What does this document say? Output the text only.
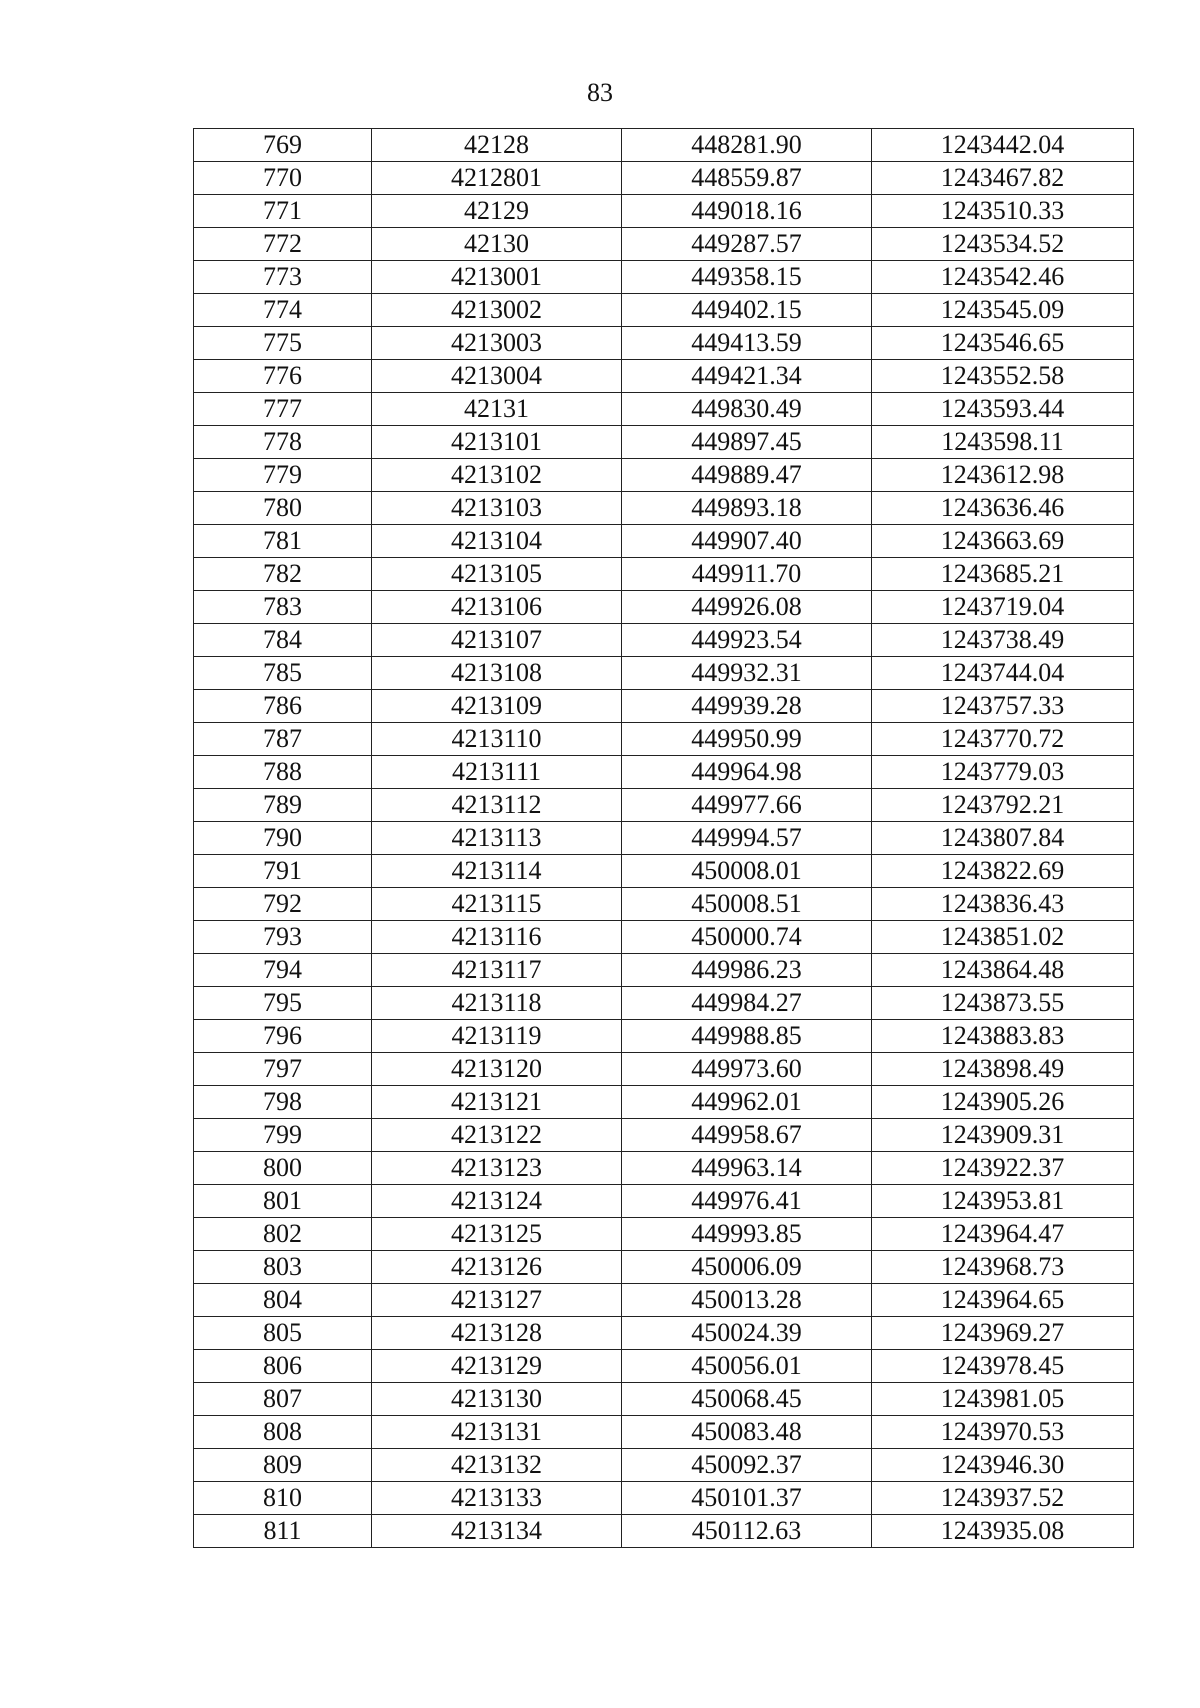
83
769	42128	448281.90	1243442.04
770	4212801	448559.87	1243467.82
771	42129	449018.16	1243510.33
772	42130	449287.57	1243534.52
773	4213001	449358.15	1243542.46
774	4213002	449402.15	1243545.09
775	4213003	449413.59	1243546.65
776	4213004	449421.34	1243552.58
777	42131	449830.49	1243593.44
778	4213101	449897.45	1243598.11
779	4213102	449889.47	1243612.98
780	4213103	449893.18	1243636.46
781	4213104	449907.40	1243663.69
782	4213105	449911.70	1243685.21
783	4213106	449926.08	1243719.04
784	4213107	449923.54	1243738.49
785	4213108	449932.31	1243744.04
786	4213109	449939.28	1243757.33
787	4213110	449950.99	1243770.72
788	4213111	449964.98	1243779.03
789	4213112	449977.66	1243792.21
790	4213113	449994.57	1243807.84
791	4213114	450008.01	1243822.69
792	4213115	450008.51	1243836.43
793	4213116	450000.74	1243851.02
794	4213117	449986.23	1243864.48
795	4213118	449984.27	1243873.55
796	4213119	449988.85	1243883.83
797	4213120	449973.60	1243898.49
798	4213121	449962.01	1243905.26
799	4213122	449958.67	1243909.31
800	4213123	449963.14	1243922.37
801	4213124	449976.41	1243953.81
802	4213125	449993.85	1243964.47
803	4213126	450006.09	1243968.73
804	4213127	450013.28	1243964.65
805	4213128	450024.39	1243969.27
806	4213129	450056.01	1243978.45
807	4213130	450068.45	1243981.05
808	4213131	450083.48	1243970.53
809	4213132	450092.37	1243946.30
810	4213133	450101.37	1243937.52
811	4213134	450112.63	1243935.08
